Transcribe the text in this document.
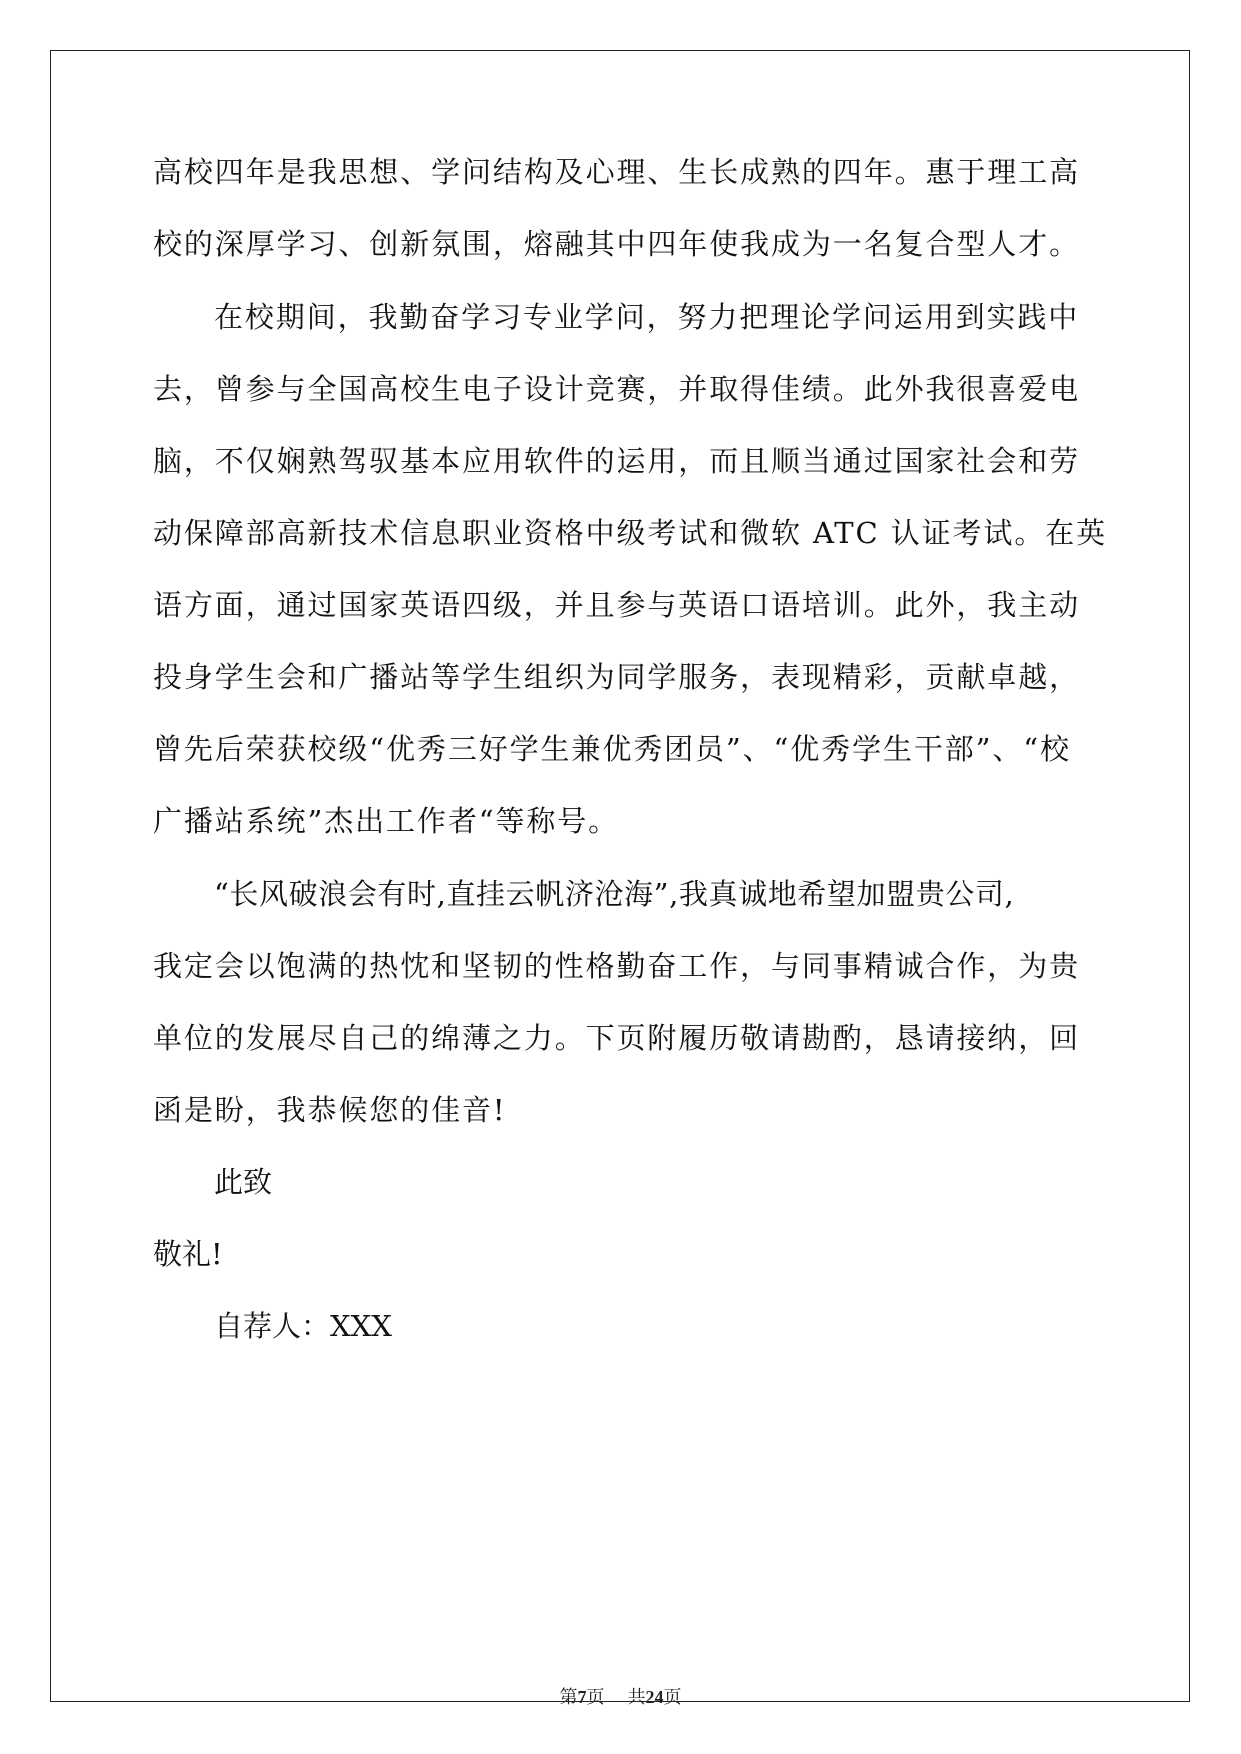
高校四年是我思想、学问结构及心理、生长成熟的四年。惠于理工高

校的深厚学习、创新氛围，熔融其中四年使我成为一名复合型人才。

在校期间，我勤奋学习专业学问，努力把理论学问运用到实践中

去，曾参与全国高校生电子设计竞赛，并取得佳绩。此外我很喜爱电

脑，不仅娴熟驾驭基本应用软件的运用，而且顺当通过国家社会和劳

动保障部高新技术信息职业资格中级考试和微软 ATC 认证考试。在英

语方面，通过国家英语四级，并且参与英语口语培训。此外，我主动

投身学生会和广播站等学生组织为同学服务，表现精彩，贡献卓越，

曾先后荣获校级“优秀三好学生兼优秀团员”、“优秀学生干部”、“校

广播站系统”杰出工作者“等称号。

“长风破浪会有时,直挂云帆济沧海”,我真诚地希望加盟贵公司,

我定会以饱满的热忱和坚韧的性格勤奋工作，与同事精诚合作，为贵

单位的发展尽自己的绵薄之力。下页附履历敬请勘酌，恳请接纳，回

函是盼，我恭候您的佳音!

此致

敬礼!

自荐人：XXX

第7页 共24页
